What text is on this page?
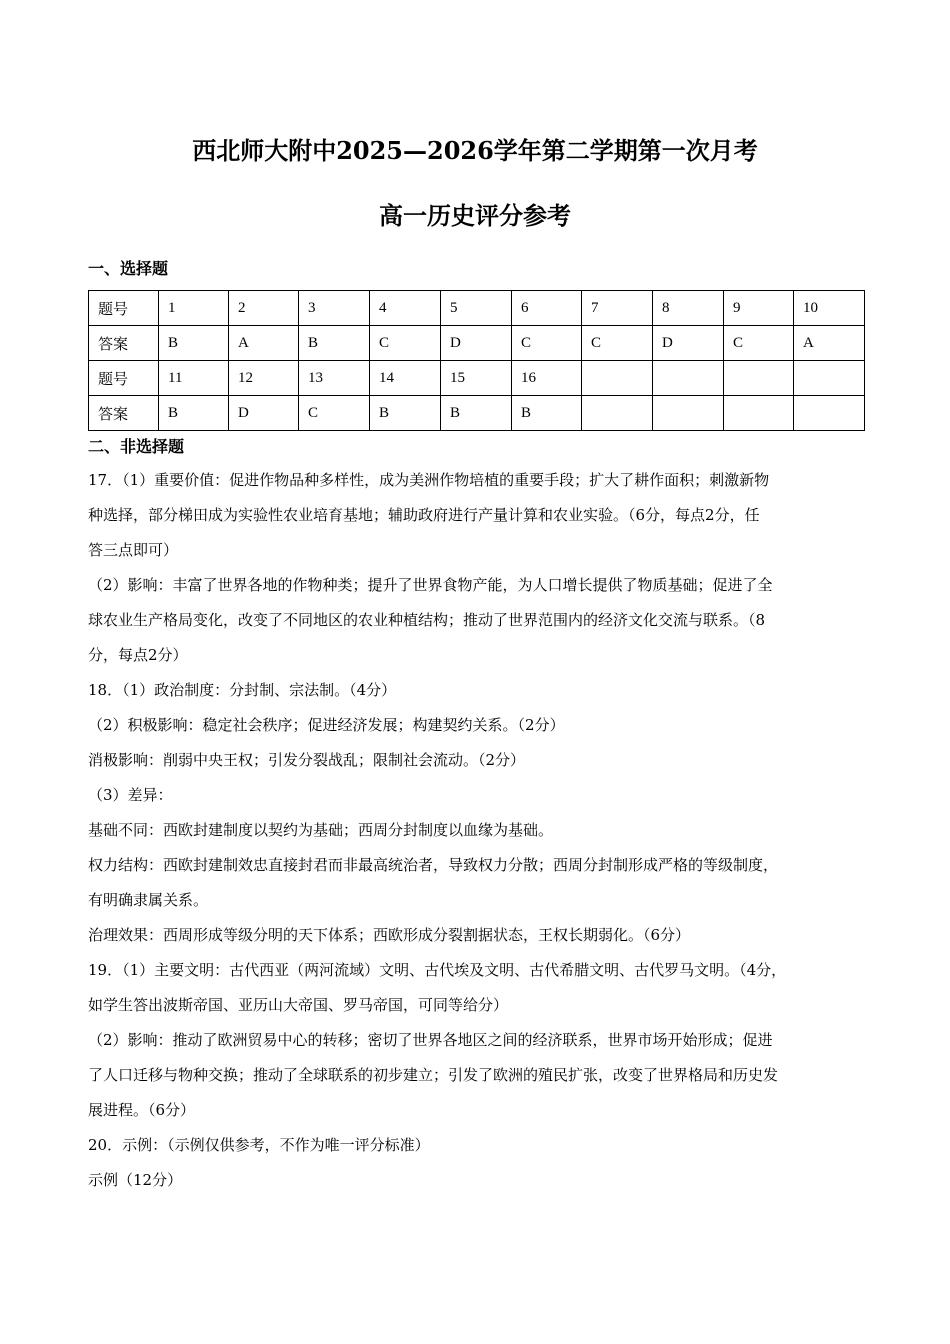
西北师大附中2025—2026学年第二学期第一次月考
高一历史评分参考
一、选择题
题号	1	2	3	4	5	6	7	8	9	10
答案	B	A	B	C	D	C	C	D	C	A
题号	11	12	13	14	15	16				
答案	B	D	C	B	B	B				
二、非选择题

17．（1）重要价值：促进作物品种多样性，成为美洲作物培植的重要手段；扩大了耕作面积；刺激新物

种选择，部分梯田成为实验性农业培育基地；辅助政府进行产量计算和农业实验。（6分，每点2分，任

答三点即可）

（2）影响：丰富了世界各地的作物种类；提升了世界食物产能，为人口增长提供了物质基础；促进了全

球农业生产格局变化，改变了不同地区的农业种植结构；推动了世界范围内的经济文化交流与联系。（8

分，每点2分）

18．（1）政治制度：分封制、宗法制。（4分）

（2）积极影响：稳定社会秩序；促进经济发展；构建契约关系。（2分）

消极影响：削弱中央王权；引发分裂战乱；限制社会流动。（2分）

（3）差异：

基础不同：西欧封建制度以契约为基础；西周分封制度以血缘为基础。

权力结构：西欧封建制效忠直接封君而非最高统治者，导致权力分散；西周分封制形成严格的等级制度，

有明确隶属关系。

治理效果：西周形成等级分明的天下体系；西欧形成分裂割据状态，王权长期弱化。（6分）

19．（1）主要文明：古代西亚（两河流域）文明、古代埃及文明、古代希腊文明、古代罗马文明。（4分，

如学生答出波斯帝国、亚历山大帝国、罗马帝国，可同等给分）

（2）影响：推动了欧洲贸易中心的转移；密切了世界各地区之间的经济联系，世界市场开始形成；促进

了人口迁移与物种交换；推动了全球联系的初步建立；引发了欧洲的殖民扩张，改变了世界格局和历史发

展进程。（6分）

20．示例：（示例仅供参考，不作为唯一评分标准）

示例（12分）
